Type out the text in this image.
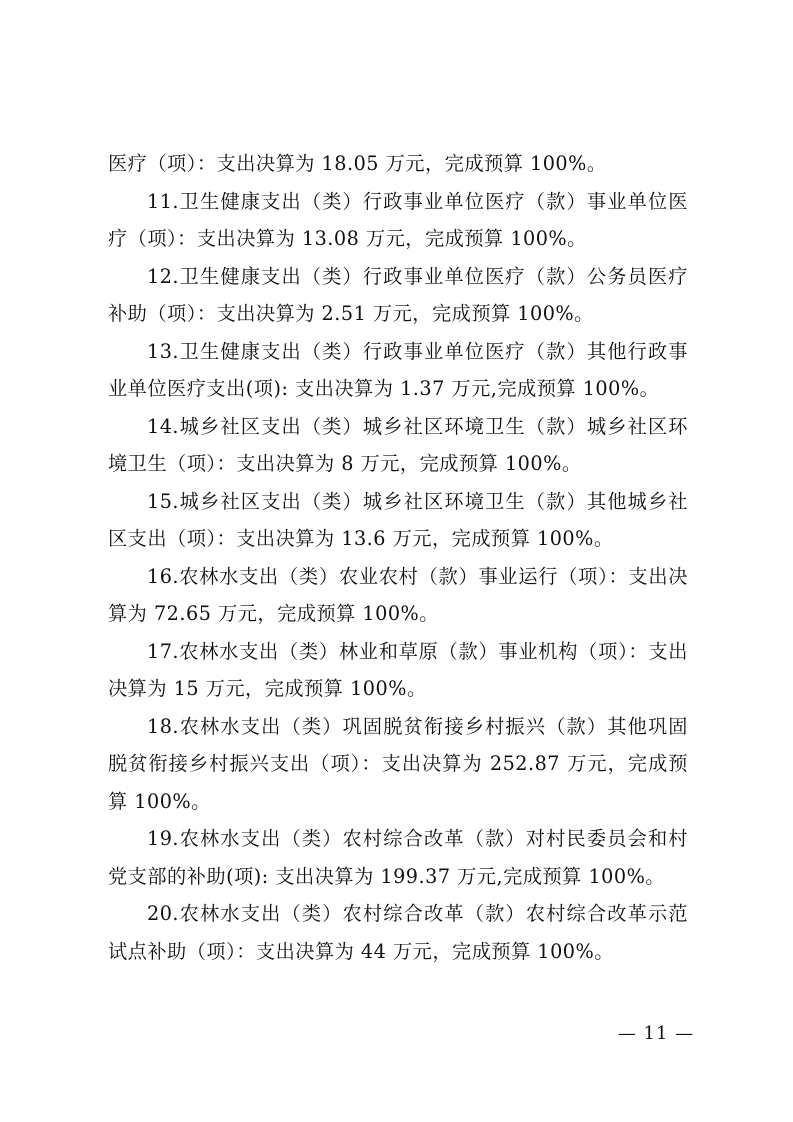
医疗（项）：支出决算为 18.05 万元，完成预算 100%。

11.卫生健康支出（类）行政事业单位医疗（款）事业单位医疗（项）：支出决算为 13.08 万元，完成预算 100%。

12.卫生健康支出（类）行政事业单位医疗（款）公务员医疗补助（项）：支出决算为 2.51 万元，完成预算 100%。

13.卫生健康支出（类）行政事业单位医疗（款）其他行政事业单位医疗支出(项): 支出决算为 1.37 万元,完成预算 100%。

14.城乡社区支出（类）城乡社区环境卫生（款）城乡社区环境卫生（项）：支出决算为 8 万元，完成预算 100%。

15.城乡社区支出（类）城乡社区环境卫生（款）其他城乡社区支出（项）：支出决算为 13.6 万元，完成预算 100%。

16.农林水支出（类）农业农村（款）事业运行（项）：支出决算为 72.65 万元，完成预算 100%。

17.农林水支出（类）林业和草原（款）事业机构（项）：支出决算为 15 万元，完成预算 100%。

18.农林水支出（类）巩固脱贫衔接乡村振兴（款）其他巩固脱贫衔接乡村振兴支出（项）：支出决算为 252.87 万元，完成预算 100%。

19.农林水支出（类）农村综合改革（款）对村民委员会和村党支部的补助(项): 支出决算为 199.37 万元,完成预算 100%。

20.农林水支出（类）农村综合改革（款）农村综合改革示范试点补助（项）：支出决算为 44 万元，完成预算 100%。

— 11 —
